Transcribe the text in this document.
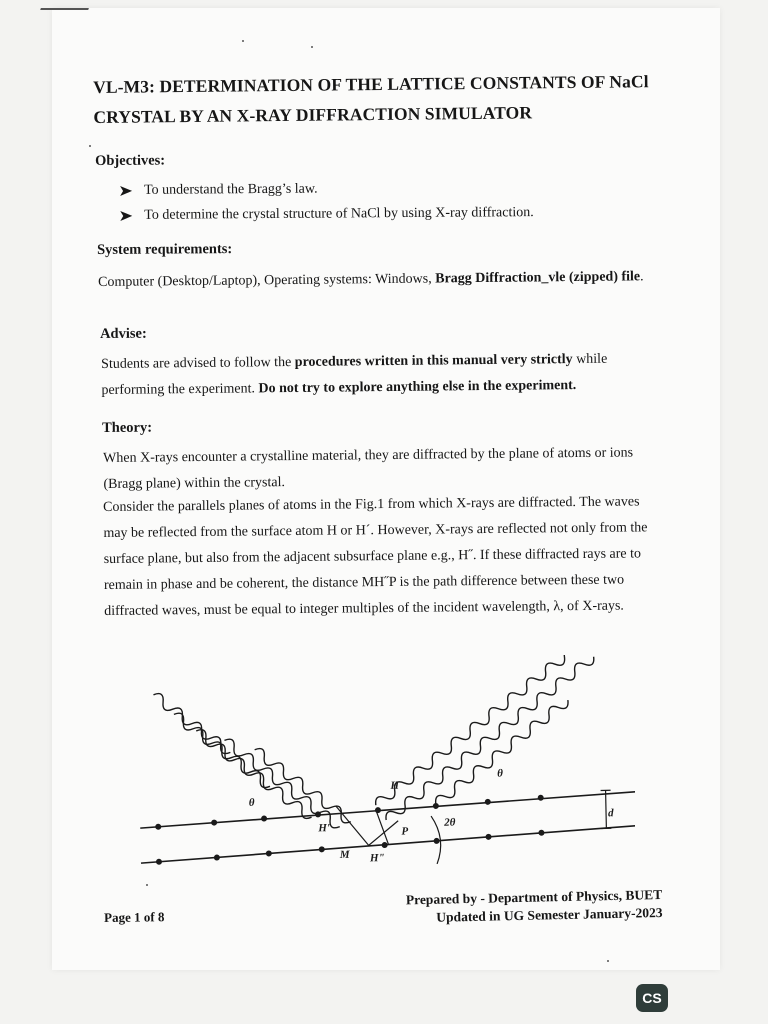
VL-M3: DETERMINATION OF THE LATTICE CONSTANTS OF NaCl
CRYSTAL BY AN X-RAY DIFFRACTION SIMULATOR
Objectives:
To understand the Bragg’s law.
To determine the crystal structure of NaCl by using X-ray diffraction.
System requirements:

Computer (Desktop/Laptop), Operating systems: Windows, Bragg Diffraction_vle (zipped) file.

Advise:

Students are advised to follow the procedures written in this manual very strictly while performing the experiment. Do not try to explore anything else in the experiment.

Theory:

When X-rays encounter a crystalline material, they are diffracted by the plane of atoms or ions (Bragg plane) within the crystal.

Consider the parallels planes of atoms in the Fig.1 from which X-rays are diffracted. The waves may be reflected from the surface atom H or H´. However, X-rays are reflected not only from the surface plane, but also from the adjacent subsurface plane e.g., H˝. If these diffracted rays are to remain in phase and be coherent, the distance MH˝P is the path difference between these two diffracted waves, must be equal to integer multiples of the incident wavelength, λ, of X-rays.

θ
θ
H
H'
H"
M
P
2θ
d
Page 1 of 8
Prepared by - Department of Physics, BUET
Updated in UG Semester January-2023
CS
